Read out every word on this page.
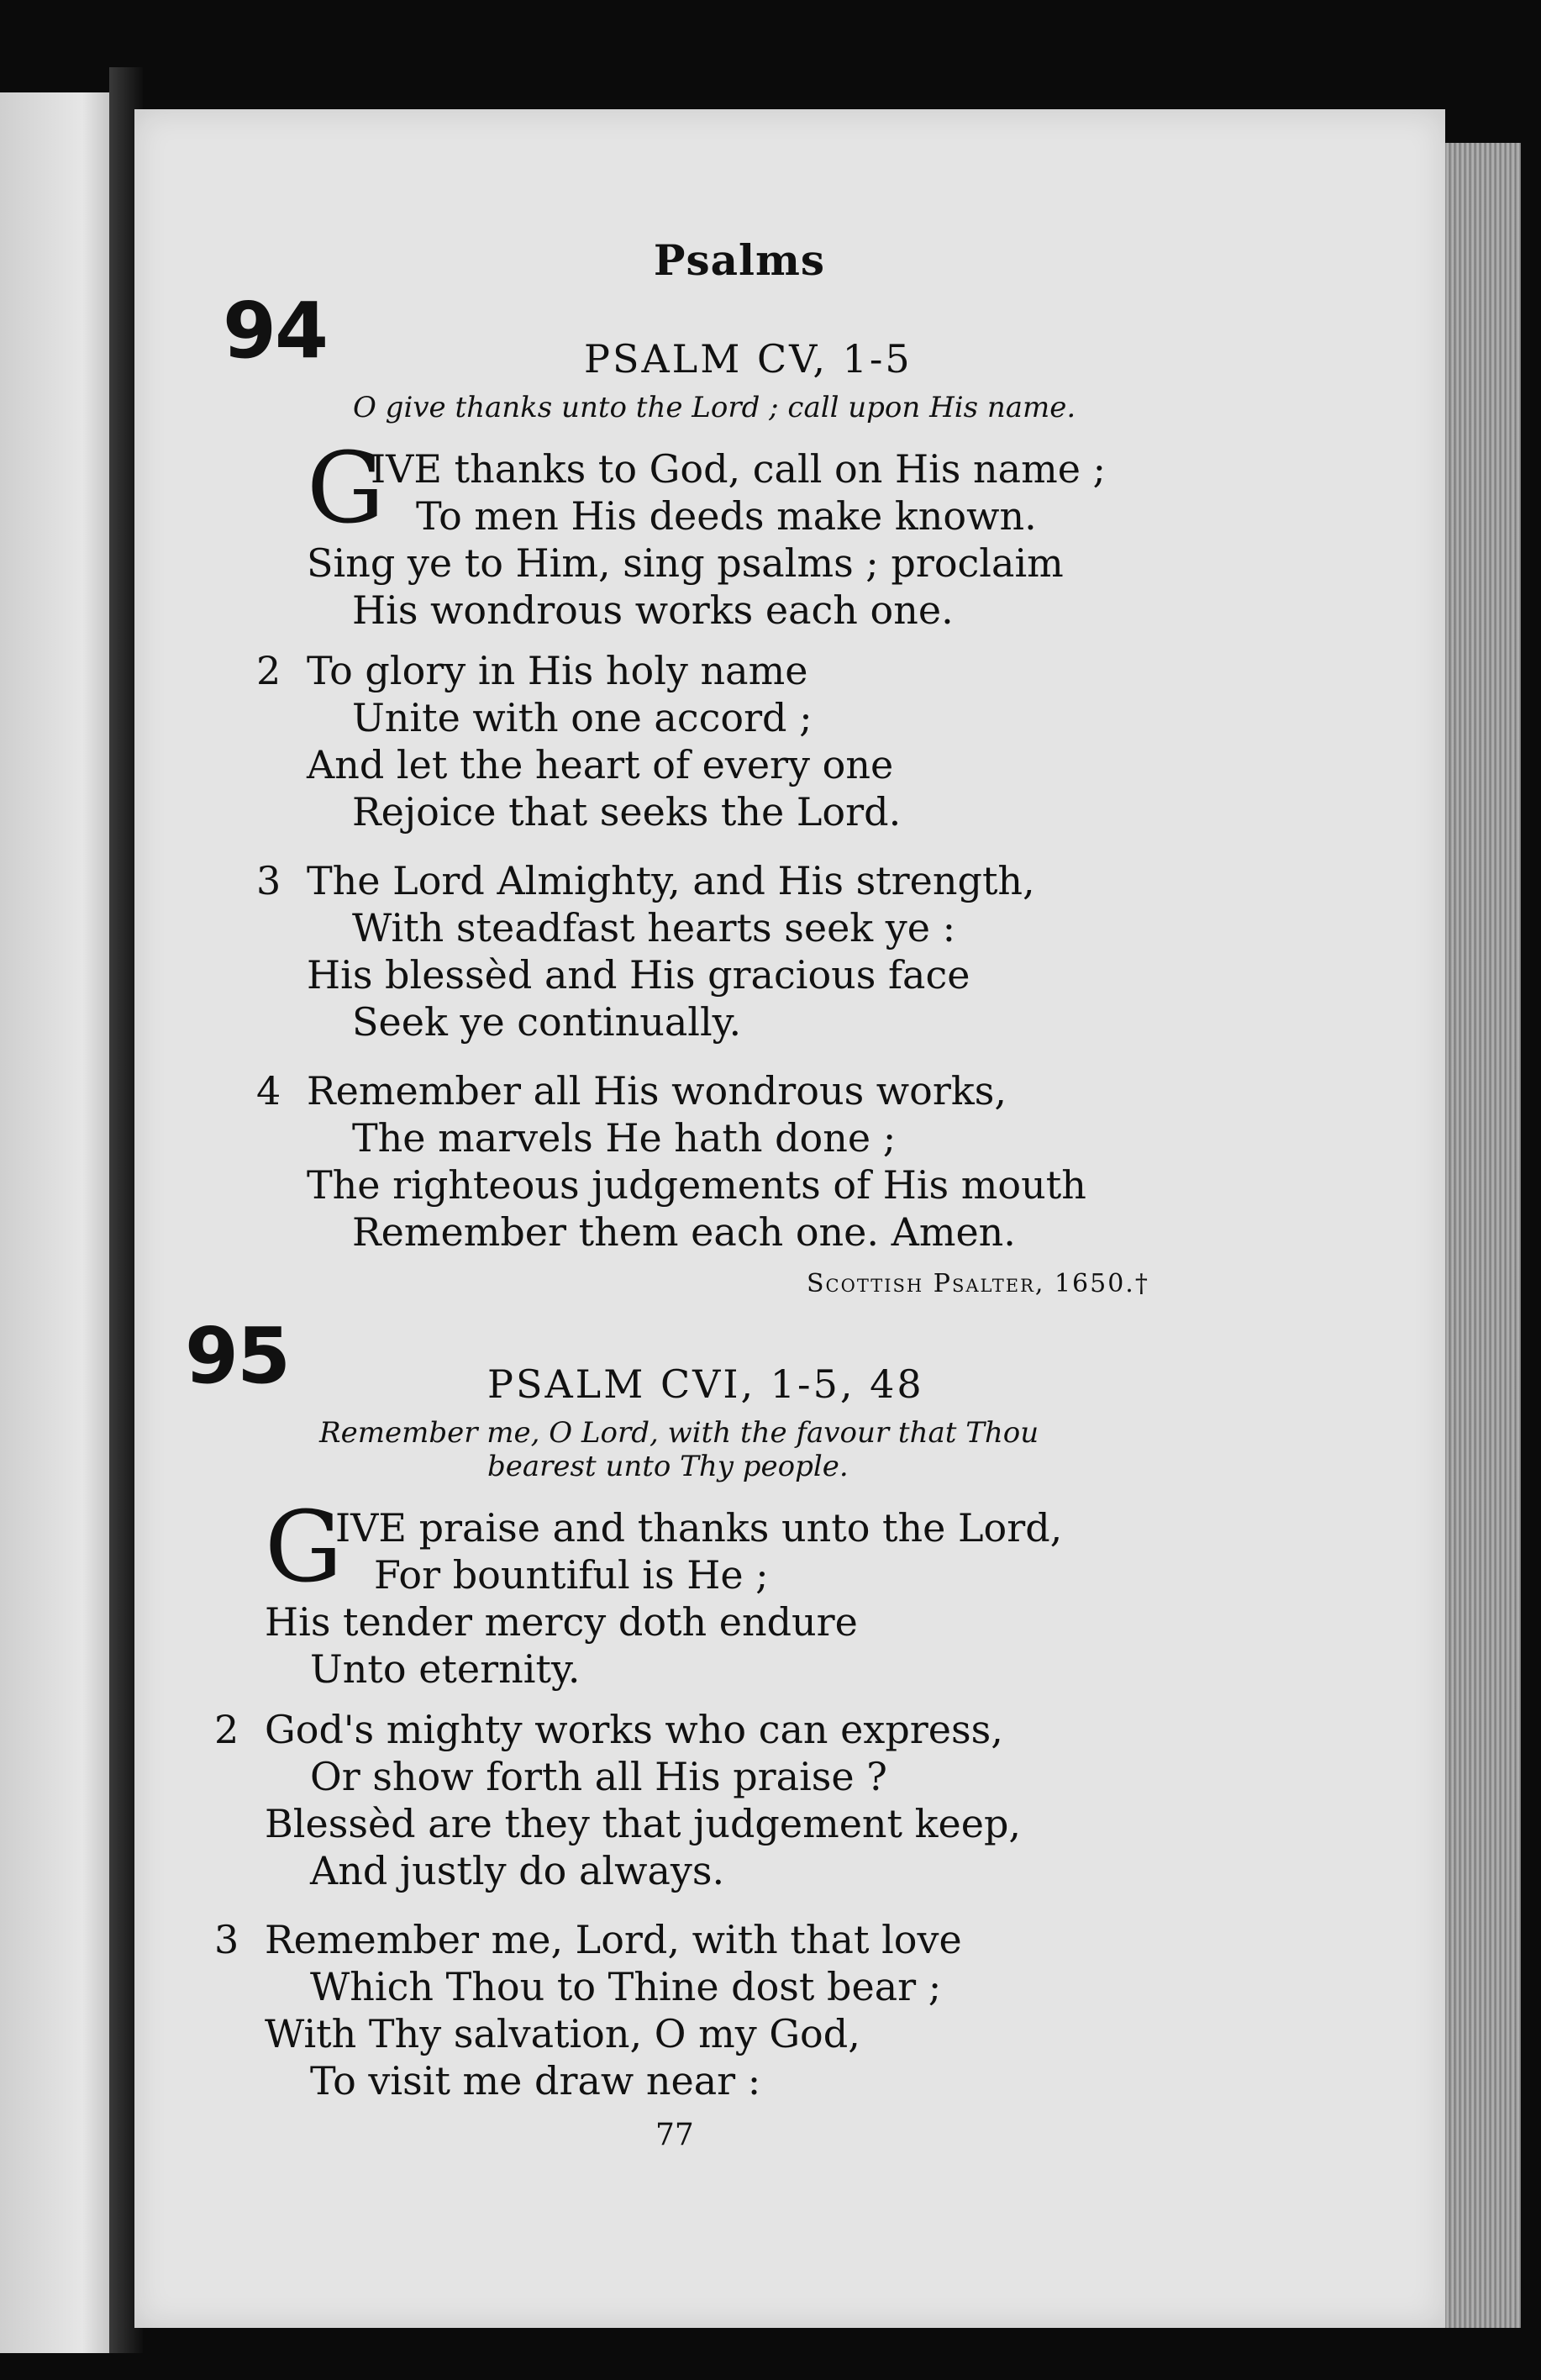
Psalms
94	PSALM CV, 1-5
O give thanks unto the Lord ; call upon His name.
G
IVE thanks to God, call on His name ;
To men His deeds make known.
Sing ye to Him, sing psalms ; proclaim
His wondrous works each one.
2 To glory in His holy name
Unite with one accord ;
And let the heart of every one
Rejoice that seeks the Lord.
3 The Lord Almighty, and His strength,
With steadfast hearts seek ye :
His blessèd and His gracious face
Seek ye continually.
4 Remember all His wondrous works,
The marvels He hath done ;
The righteous judgements of His mouth
Remember them each one. Amen.
Scottish Psalter, 1650.†
95	PSALM CVI, 1-5, 48
Remember me, O Lord, with the favour that Thou
bearest unto Thy people.
G
IVE praise and thanks unto the Lord,
For bountiful is He ;
His tender mercy doth endure
Unto eternity.
2 God's mighty works who can express,
Or show forth all His praise ?
Blessèd are they that judgement keep,
And justly do always.
3 Remember me, Lord, with that love
Which Thou to Thine dost bear ;
With Thy salvation, O my God,
To visit me draw near :
77
